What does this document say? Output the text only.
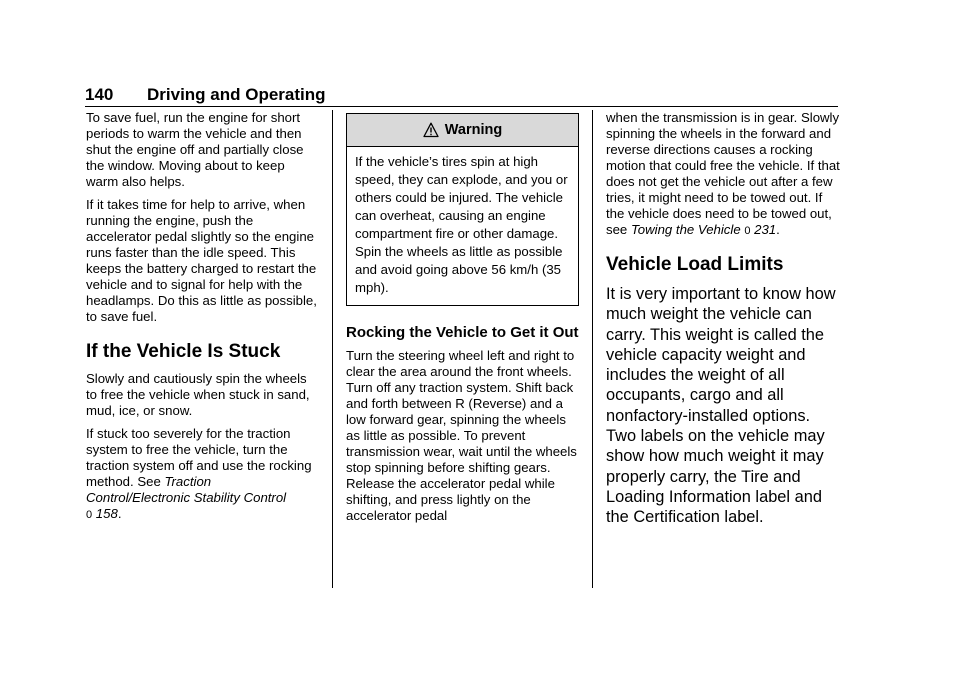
140 Driving and Operating

To save fuel, run the engine for short periods to warm the vehicle and then shut the engine off and partially close the window. Moving about to keep warm also helps.

If it takes time for help to arrive, when running the engine, push the accelerator pedal slightly so the engine runs faster than the idle speed. This keeps the battery charged to restart the vehicle and to signal for help with the headlamps. Do this as little as possible, to save fuel.

If the Vehicle Is Stuck

Slowly and cautiously spin the wheels to free the vehicle when stuck in sand, mud, ice, or snow.

If stuck too severely for the traction system to free the vehicle, turn the traction system off and use the rocking method. See Traction Control/Electronic Stability Control
0 158.

Warning
If the vehicle’s tires spin at high speed, they can explode, and you or others could be injured. The vehicle can overheat, causing an engine compartment fire or other damage. Spin the wheels as little as possible and avoid going above 56 km/h (35 mph).
Rocking the Vehicle to Get it Out

Turn the steering wheel left and right to clear the area around the front wheels. Turn off any traction system. Shift back and forth between R (Reverse) and a low forward gear, spinning the wheels as little as possible. To prevent transmission wear, wait until the wheels stop spinning before shifting gears. Release the accelerator pedal while shifting, and press lightly on the accelerator pedal

when the transmission is in gear. Slowly spinning the wheels in the forward and reverse directions causes a rocking motion that could free the vehicle. If that does not get the vehicle out after a few tries, it might need to be towed out. If the vehicle does need to be towed out, see Towing the Vehicle 0 231.

Vehicle Load Limits

It is very important to know how much weight the vehicle can carry. This weight is called the vehicle capacity weight and includes the weight of all occupants, cargo and all nonfactory-installed options. Two labels on the vehicle may show how much weight it may properly carry, the Tire and Loading Information label and the Certification label.
